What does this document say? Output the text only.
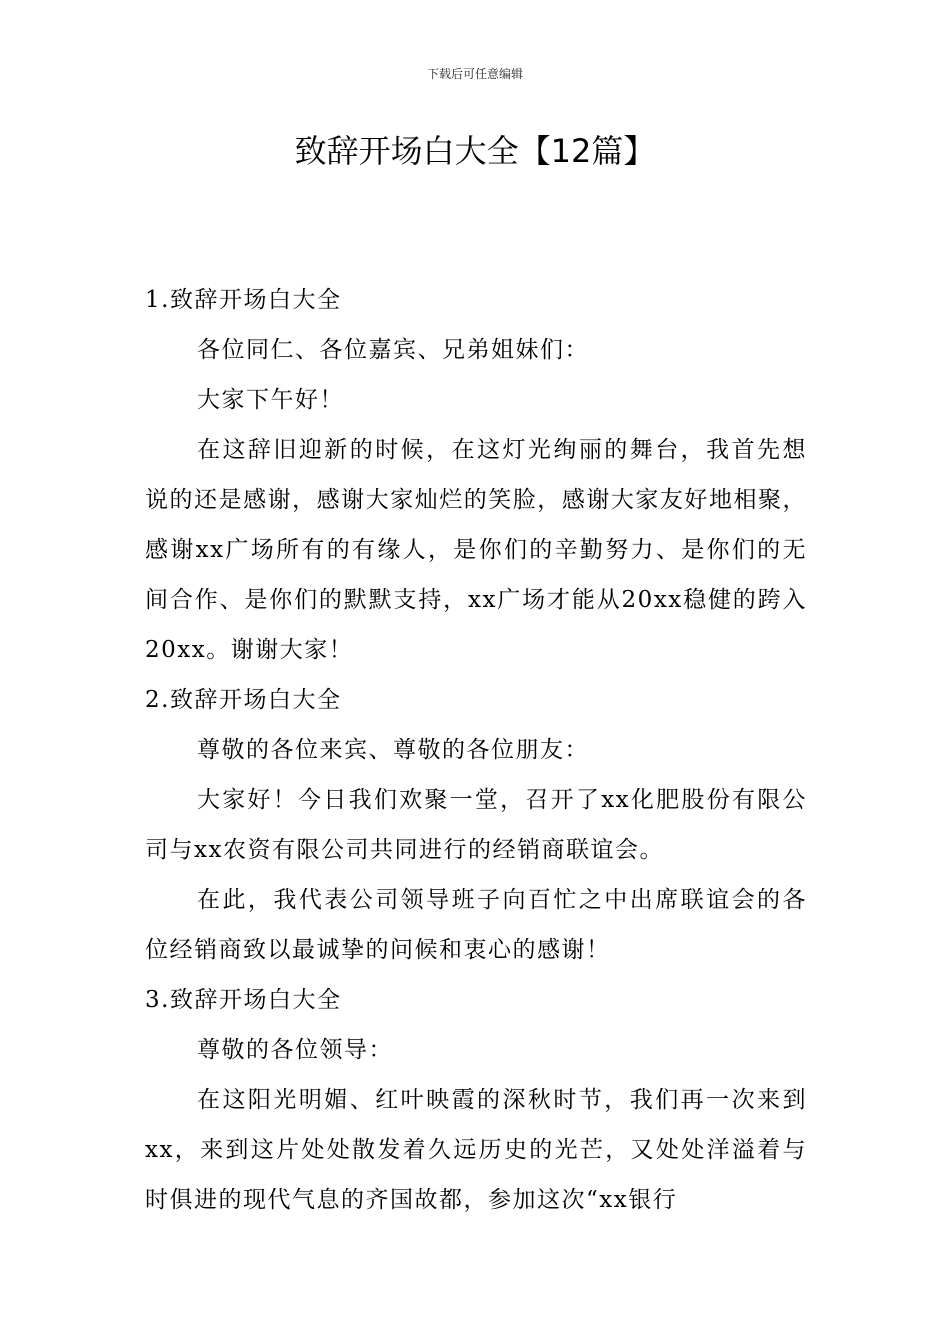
下载后可任意编辑
致辞开场白大全【12篇】

1.致辞开场白大全

各位同仁、各位嘉宾、兄弟姐妹们：

大家下午好！

在这辞旧迎新的时候，在这灯光绚丽的舞台，我首先想说的还是感谢，感谢大家灿烂的笑脸，感谢大家友好地相聚，感谢xx广场所有的有缘人，是你们的辛勤努力、是你们的无间合作、是你们的默默支持，xx广场才能从20xx稳健的跨入20xx。谢谢大家！

2.致辞开场白大全

尊敬的各位来宾、尊敬的各位朋友：

大家好！今日我们欢聚一堂，召开了xx化肥股份有限公司与xx农资有限公司共同进行的经销商联谊会。

在此，我代表公司领导班子向百忙之中出席联谊会的各位经销商致以最诚挚的问候和衷心的感谢！

3.致辞开场白大全

尊敬的各位领导：

在这阳光明媚、红叶映霞的深秋时节，我们再一次来到xx，来到这片处处散发着久远历史的光芒，又处处洋溢着与时俱进的现代气息的齐国故都，参加这次“xx银行
